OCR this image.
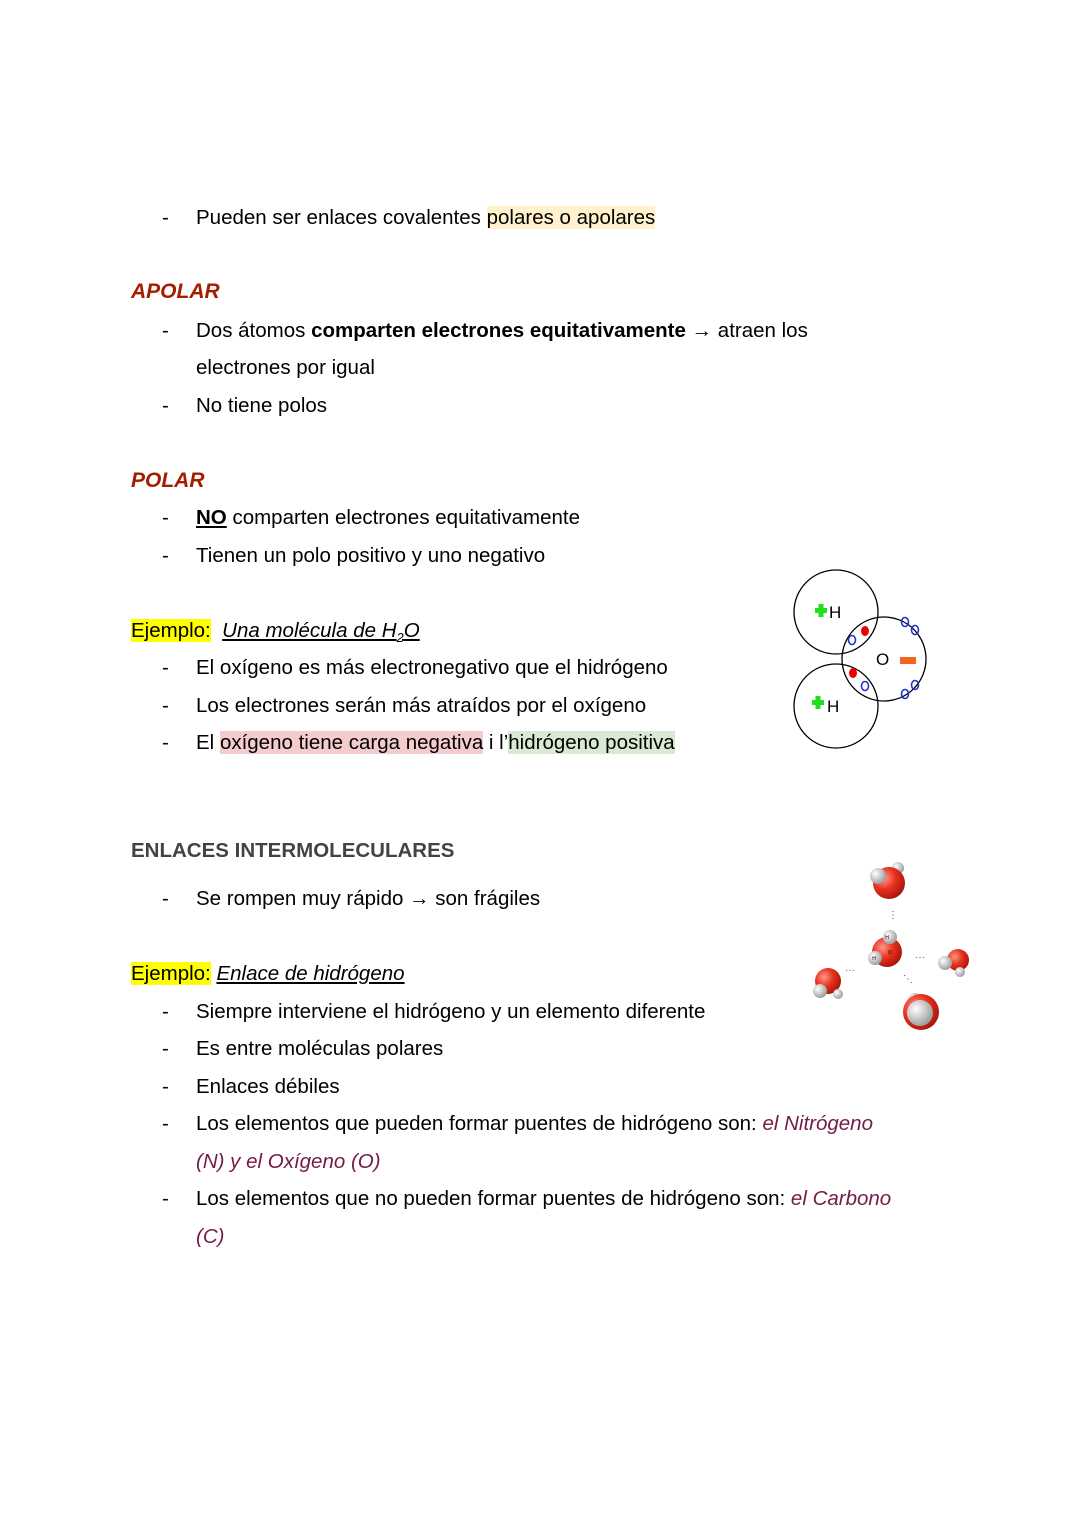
- Pueden ser enlaces covalentes polares o apolares
APOLAR
- Dos átomos comparten electrones equitativamente → atraen los
electrones por igual
- No tiene polos
POLAR
- NO comparten electrones equitativamente
- Tienen un polo positivo y uno negativo
Ejemplo: Una molécula de $H_2O$
- El oxígeno es más electronegativo que el hidrógeno
- Los electrones serán más atraídos por el oxígeno
- El oxígeno tiene carga negativa i l’hidrógeno positiva
H
H
O
ENLACES INTERMOLECULARES
- Se rompen muy rápido → son frágiles
Ejemplo: Enlace de hidrógeno
- Siempre interviene el hidrógeno y un elemento diferente
- Es entre moléculas polares
- Enlaces débiles
- Los elementos que pueden formar puentes de hidrógeno son: el Nitrógeno
(N) y el Oxígeno (O)
- Los elementos que no pueden formar puentes de hidrógeno son: el Carbono
(C)
⋮
H
H
O ···
···
⋱
